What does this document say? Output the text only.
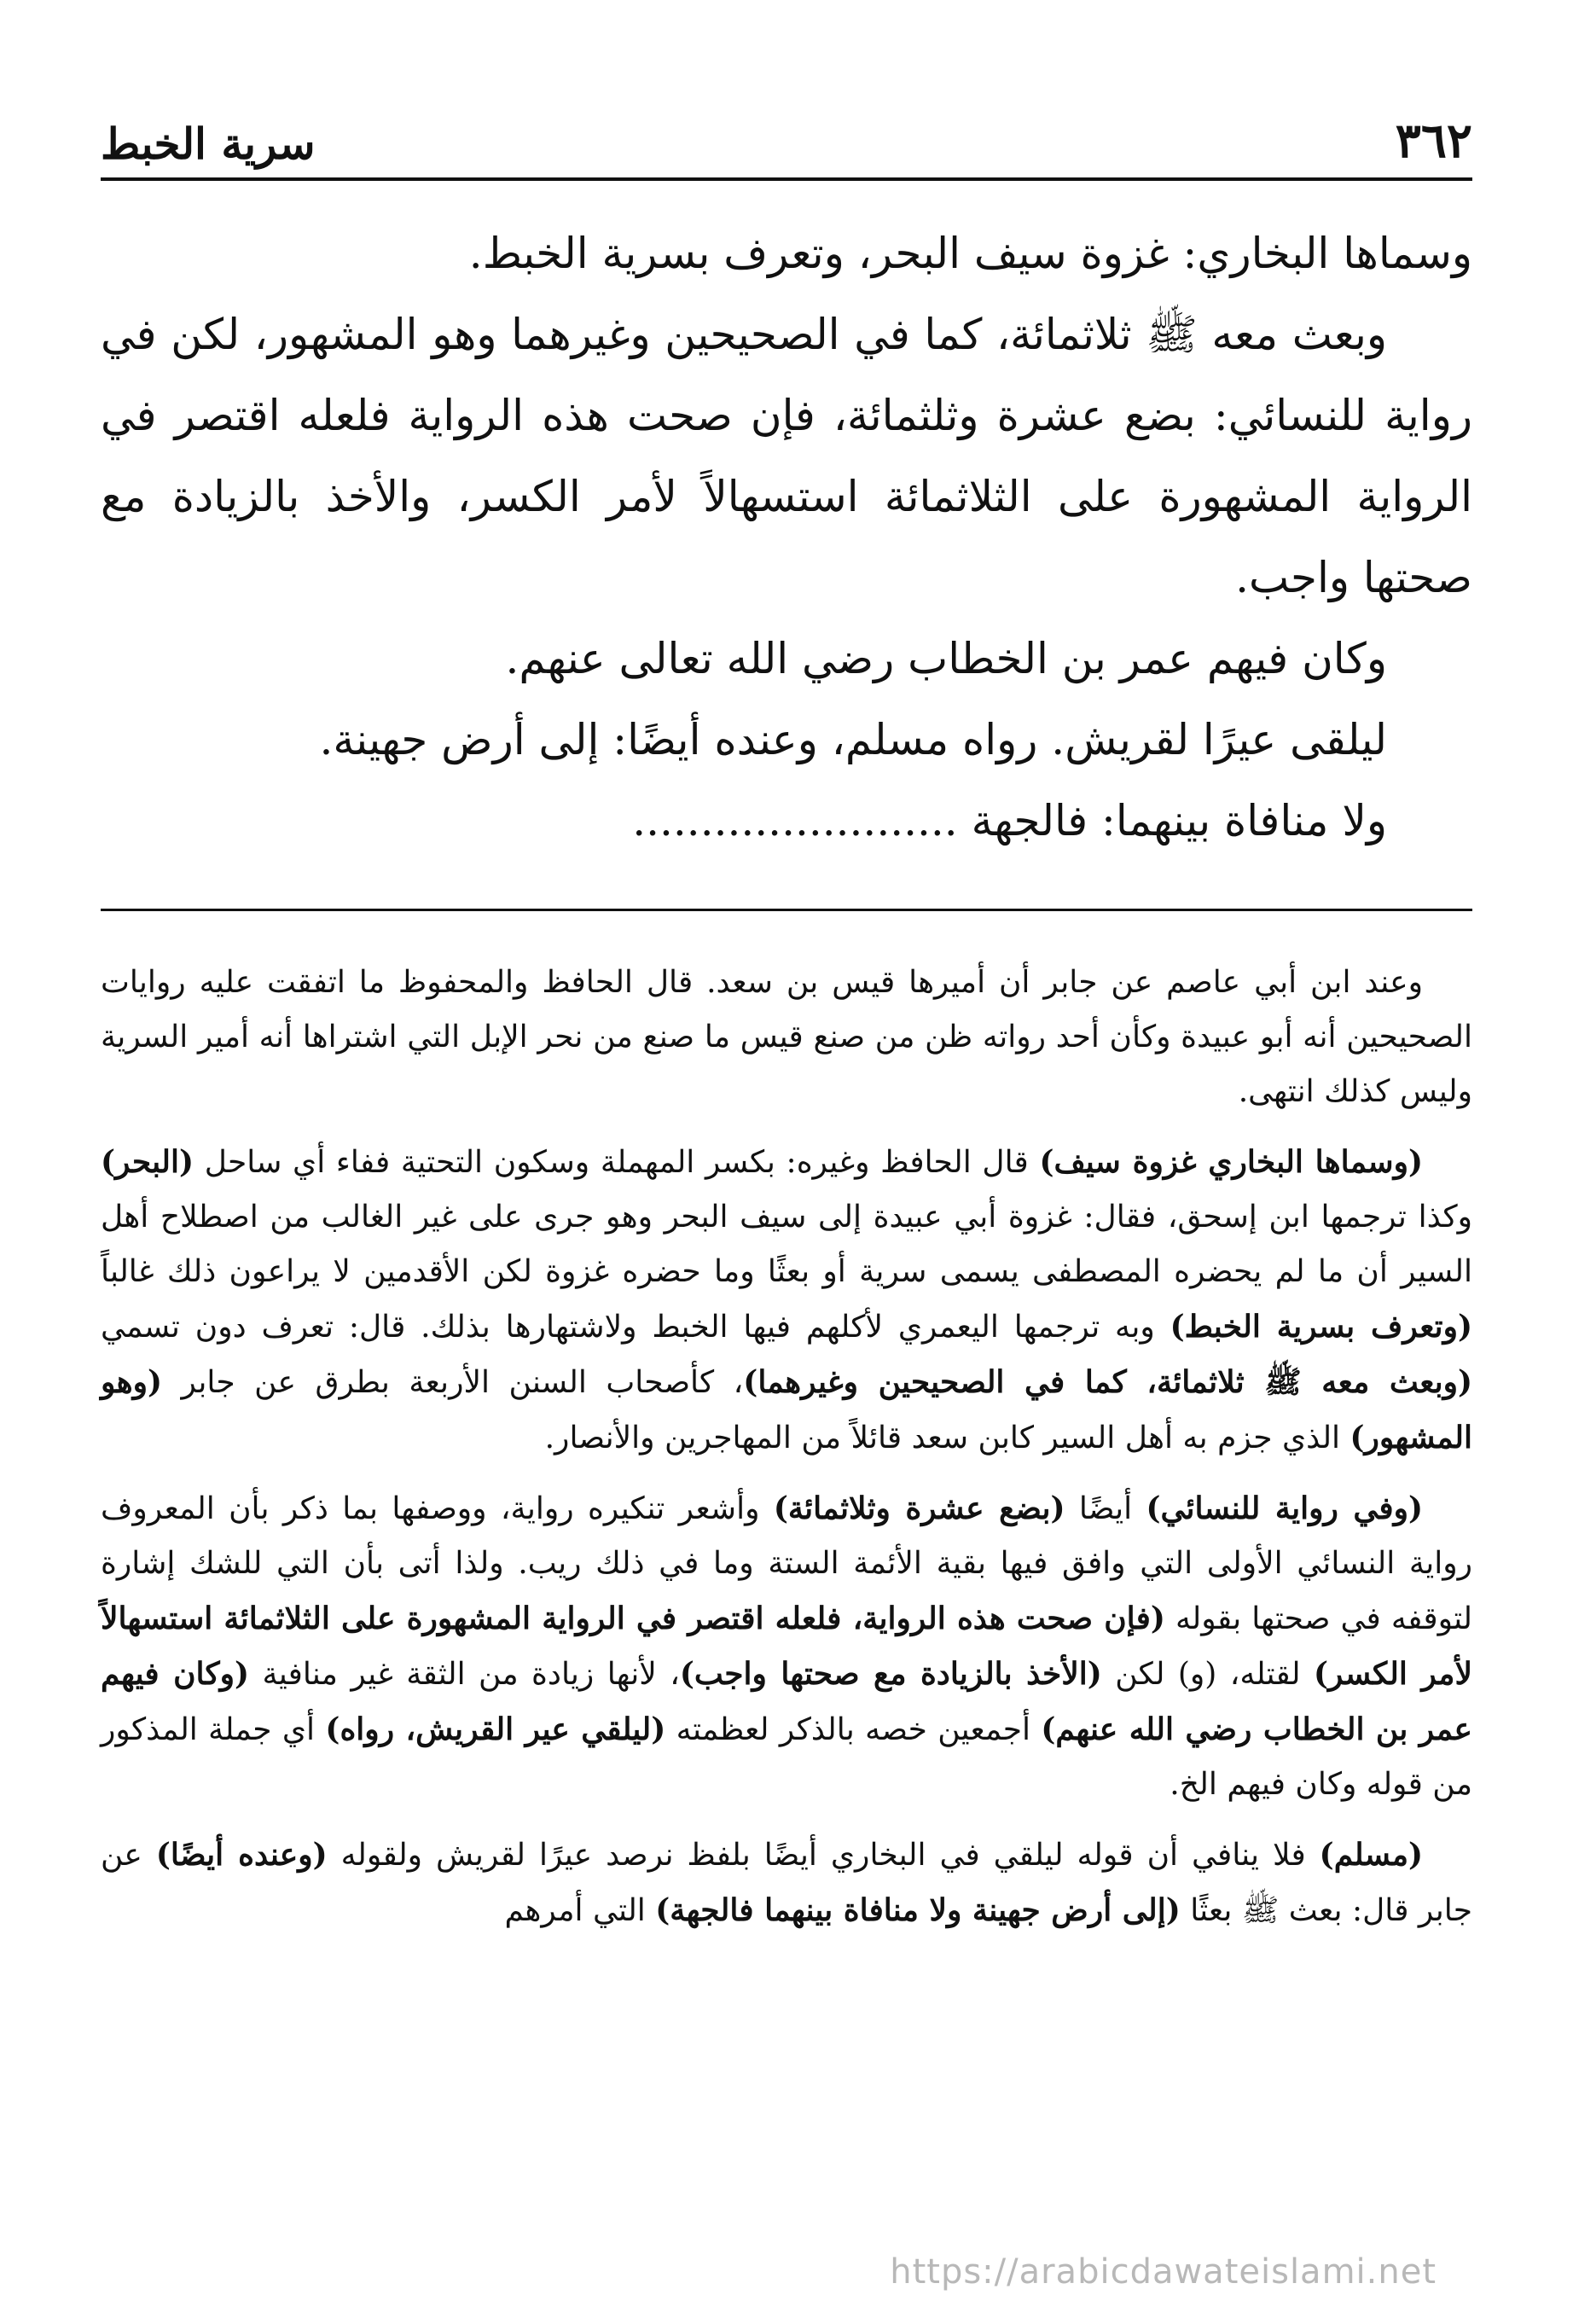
٣٦٢
سرية الخبط

وسماها البخاري: غزوة سيف البحر، وتعرف بسرية الخبط.

وبعث معه ﷺ ثلاثمائة، كما في الصحيحين وغيرهما وهو المشهور، لكن في رواية للنسائي: بضع عشرة وثلثمائة، فإن صحت هذه الرواية فلعله اقتصر في الرواية المشهورة على الثلاثمائة استسهالاً لأمر الكسر، والأخذ بالزيادة مع صحتها واجب.

وكان فيهم عمر بن الخطاب رضي الله تعالى عنهم.

ليلقى عيرًا لقريش. رواه مسلم، وعنده أيضًا: إلى أرض جهينة.

ولا منافاة بينهما: فالجهة ........................

وعند ابن أبي عاصم عن جابر أن أميرها قيس بن سعد. قال الحافظ والمحفوظ ما اتفقت عليه روايات الصحيحين أنه أبو عبيدة وكأن أحد رواته ظن من صنع قيس ما صنع من نحر الإبل التي اشتراها أنه أمير السرية وليس كذلك انتهى.

(وسماها البخاري غزوة سيف) قال الحافظ وغيره: بكسر المهملة وسكون التحتية ففاء أي ساحل (البحر) وكذا ترجمها ابن إسحق، فقال: غزوة أبي عبيدة إلى سيف البحر وهو جرى على غير الغالب من اصطلاح أهل السير أن ما لم يحضره المصطفى يسمى سرية أو بعثًا وما حضره غزوة لكن الأقدمين لا يراعون ذلك غالباً (وتعرف بسرية الخبط) وبه ترجمها اليعمري لأكلهم فيها الخبط ولاشتهارها بذلك. قال: تعرف دون تسمي (وبعث معه ﷺ ثلاثمائة، كما في الصحيحين وغيرهما)، كأصحاب السنن الأربعة بطرق عن جابر (وهو المشهور) الذي جزم به أهل السير كابن سعد قائلاً من المهاجرين والأنصار.

(وفي رواية للنسائي) أيضًا (بضع عشرة وثلاثمائة) وأشعر تنكيره رواية، ووصفها بما ذكر بأن المعروف رواية النسائي الأولى التي وافق فيها بقية الأئمة الستة وما في ذلك ريب. ولذا أتى بأن التي للشك إشارة لتوقفه في صحتها بقوله (فإن صحت هذه الرواية، فلعله اقتصر في الرواية المشهورة على الثلاثمائة استسهالاً لأمر الكسر) لقتله، (و) لكن (الأخذ بالزيادة مع صحتها واجب)، لأنها زيادة من الثقة غير منافية (وكان فيهم عمر بن الخطاب رضي الله عنهم) أجمعين خصه بالذكر لعظمته (ليلقي عير القريش، رواه) أي جملة المذكور من قوله وكان فيهم الخ.

(مسلم) فلا ينافي أن قوله ليلقي في البخاري أيضًا بلفظ نرصد عيرًا لقريش ولقوله (وعنده أيضًا) عن جابر قال: بعث ﷺ بعثًا (إلى أرض جهينة ولا منافاة بينهما فالجهة) التي أمرهم

https://arabicdawateislami.net
